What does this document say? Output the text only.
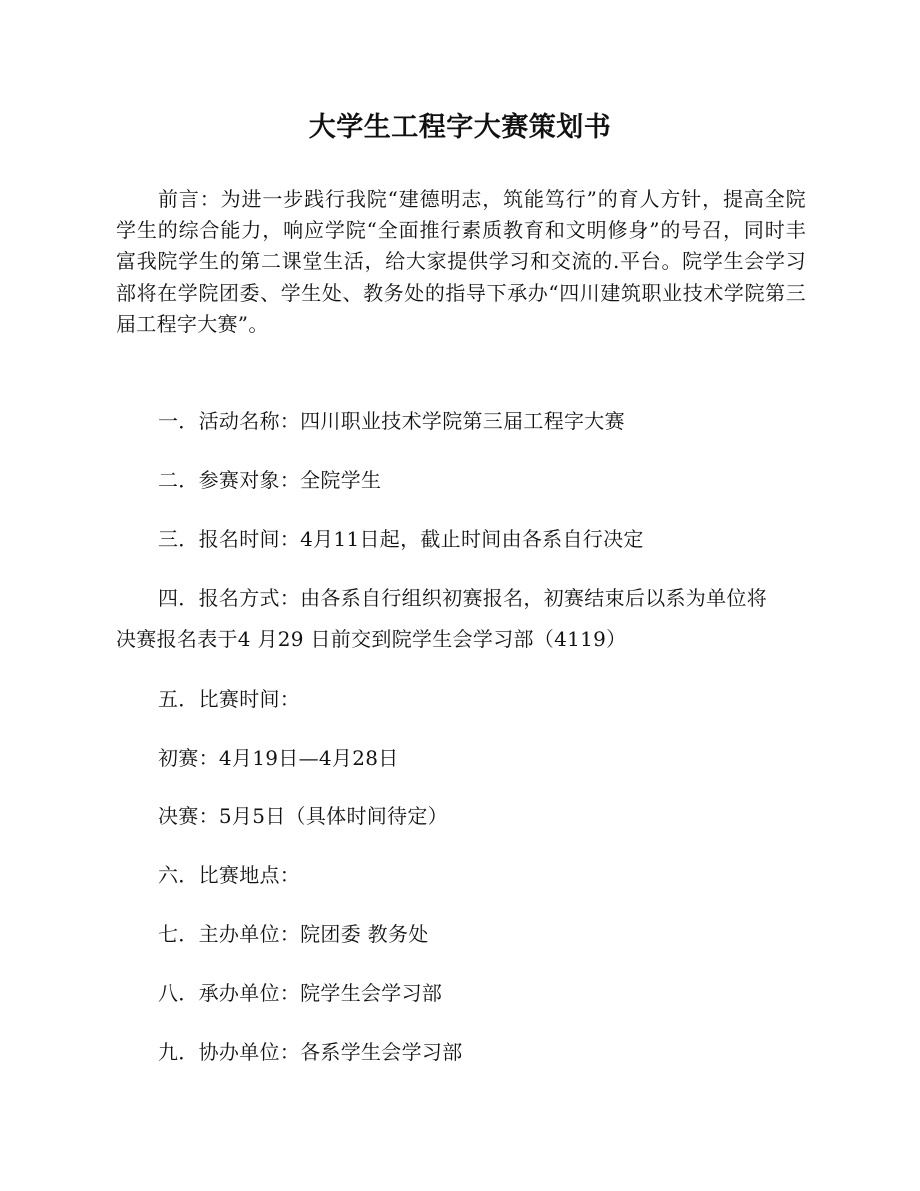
大学生工程字大赛策划书

前言：为进一步践行我院“建德明志，筑能笃行”的育人方针，提高全院学生的综合能力，响应学院“全面推行素质教育和文明修身”的号召，同时丰富我院学生的第二课堂生活，给大家提供学习和交流的.平台。院学生会学习部将在学院团委、学生处、教务处的指导下承办“四川建筑职业技术学院第三届工程字大赛”。

一．活动名称：四川职业技术学院第三届工程字大赛

二．参赛对象：全院学生

三．报名时间：4月11日起，截止时间由各系自行决定

四．报名方式：由各系自行组织初赛报名，初赛结束后以系为单位将

决赛报名表于4 月29 日前交到院学生会学习部（4119）

五．比赛时间：

初赛：4月19日—4月28日

决赛：5月5日（具体时间待定）

六．比赛地点：

七．主办单位：院团委 教务处

八．承办单位：院学生会学习部

九．协办单位：各系学生会学习部
